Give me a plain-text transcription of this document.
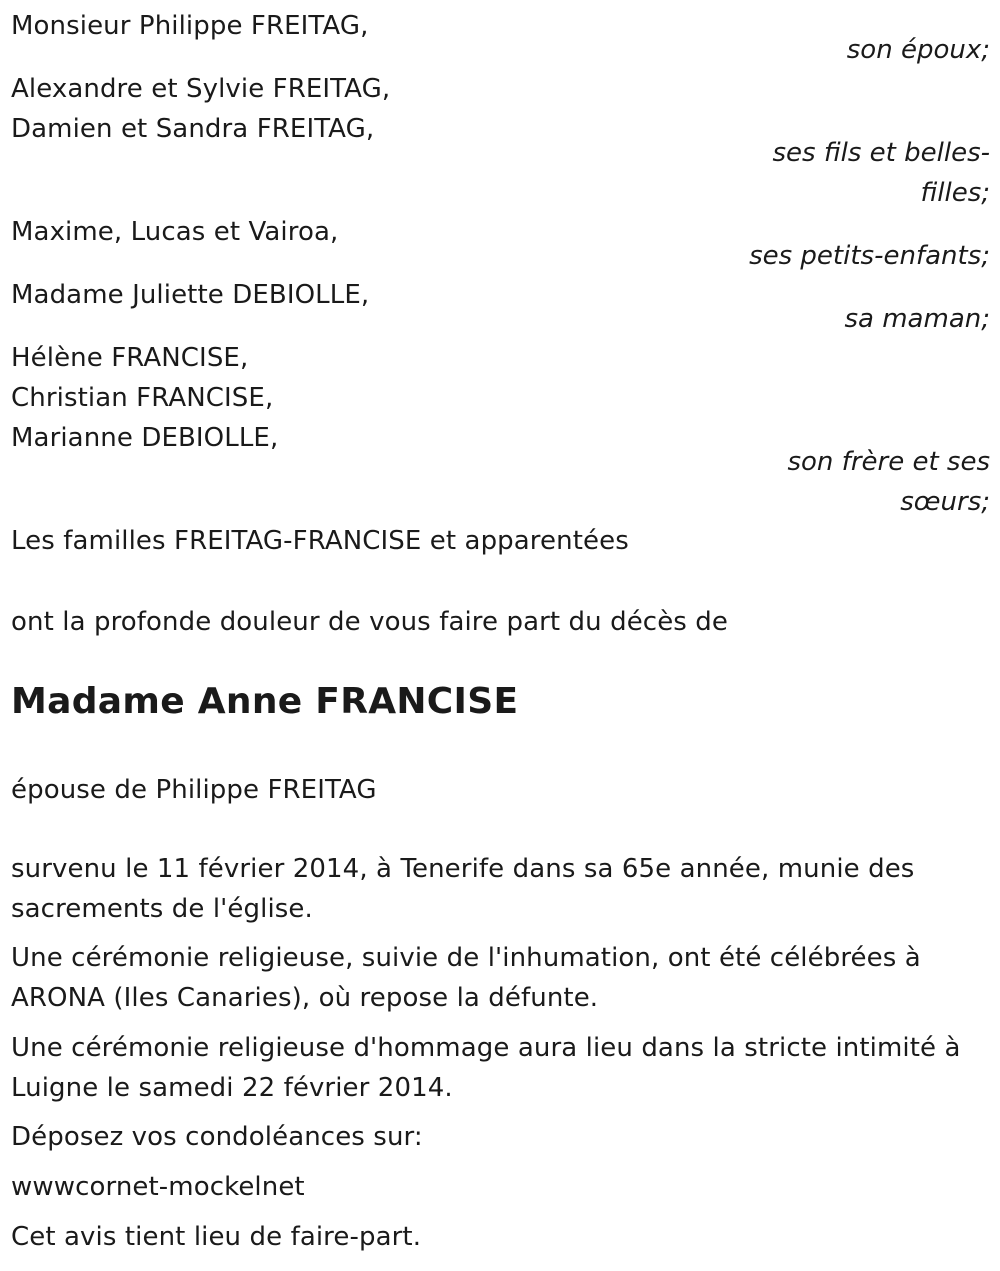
Monsieur Philippe FREITAG,
son époux;
Alexandre et Sylvie FREITAG,
Damien et Sandra FREITAG,
ses fils et belles-
filles;
Maxime, Lucas et Vairoa,
ses petits-enfants;
Madame Juliette DEBIOLLE,
sa maman;
Hélène FRANCISE,
Christian FRANCISE,
Marianne DEBIOLLE,
son frère et ses
sœurs;
Les familles FREITAG-FRANCISE et apparentées
ont la profonde douleur de vous faire part du décès de
Madame Anne FRANCISE
épouse de Philippe FREITAG
survenu le 11 février 2014, à Tenerife dans sa 65e année, munie des
sacrements de l'église.
Une cérémonie religieuse, suivie de l'inhumation, ont été célébrées à
ARONA (Iles Canaries), où repose la défunte.
Une cérémonie religieuse d'hommage aura lieu dans la stricte intimité à
Luigne le samedi 22 février 2014.
Déposez vos condoléances sur:
wwwcornet-mockelnet
Cet avis tient lieu de faire-part.
